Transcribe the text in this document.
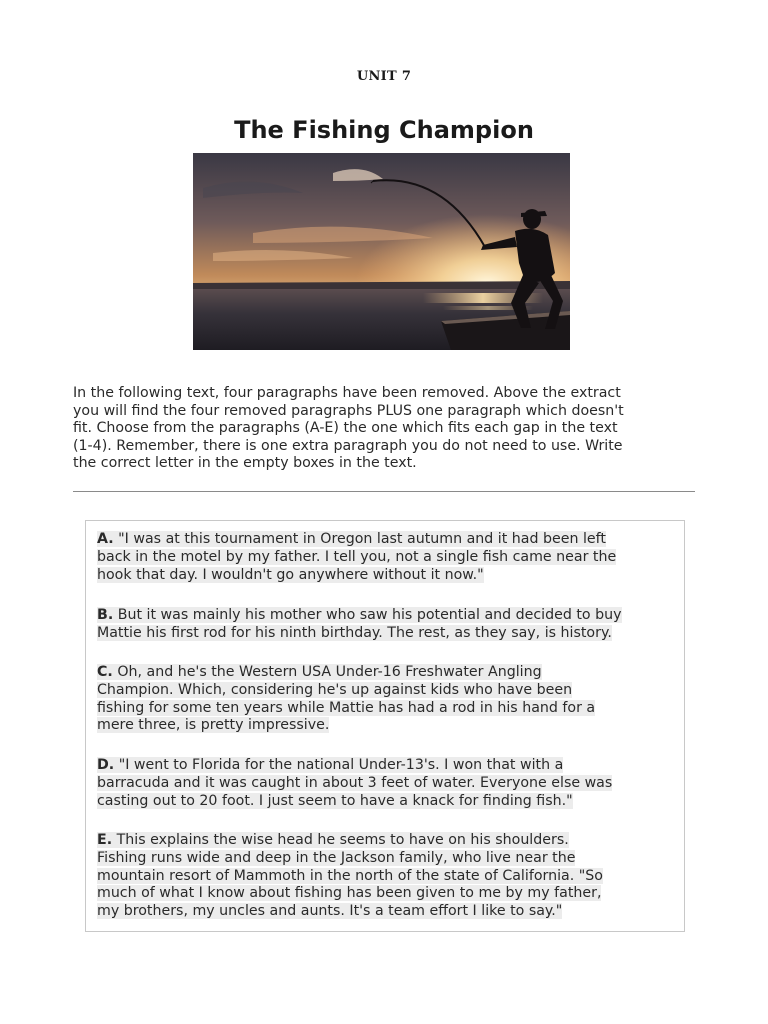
UNIT 7
The Fishing Champion
In the following text, four paragraphs have been removed. Above the extract
you will find the four removed paragraphs PLUS one paragraph which doesn't
fit. Choose from the paragraphs (A-E) the one which fits each gap in the text
(1-4). Remember, there is one extra paragraph you do not need to use. Write
the correct letter in the empty boxes in the text.
A. "I was at this tournament in Oregon last autumn and it had been left
back in the motel by my father. I tell you, not a single fish came near the
hook that day. I wouldn't go anywhere without it now."
B. But it was mainly his mother who saw his potential and decided to buy
Mattie his first rod for his ninth birthday. The rest, as they say, is history.
C. Oh, and he's the Western USA Under-16 Freshwater Angling
Champion. Which, considering he's up against kids who have been
fishing for some ten years while Mattie has had a rod in his hand for a
mere three, is pretty impressive.
D. "I went to Florida for the national Under-13's. I won that with a
barracuda and it was caught in about 3 feet of water. Everyone else was
casting out to 20 foot. I just seem to have a knack for finding fish."
E. This explains the wise head he seems to have on his shoulders.
Fishing runs wide and deep in the Jackson family, who live near the
mountain resort of Mammoth in the north of the state of California. "So
much of what I know about fishing has been given to me by my father,
my brothers, my uncles and aunts. It's a team effort I like to say."
